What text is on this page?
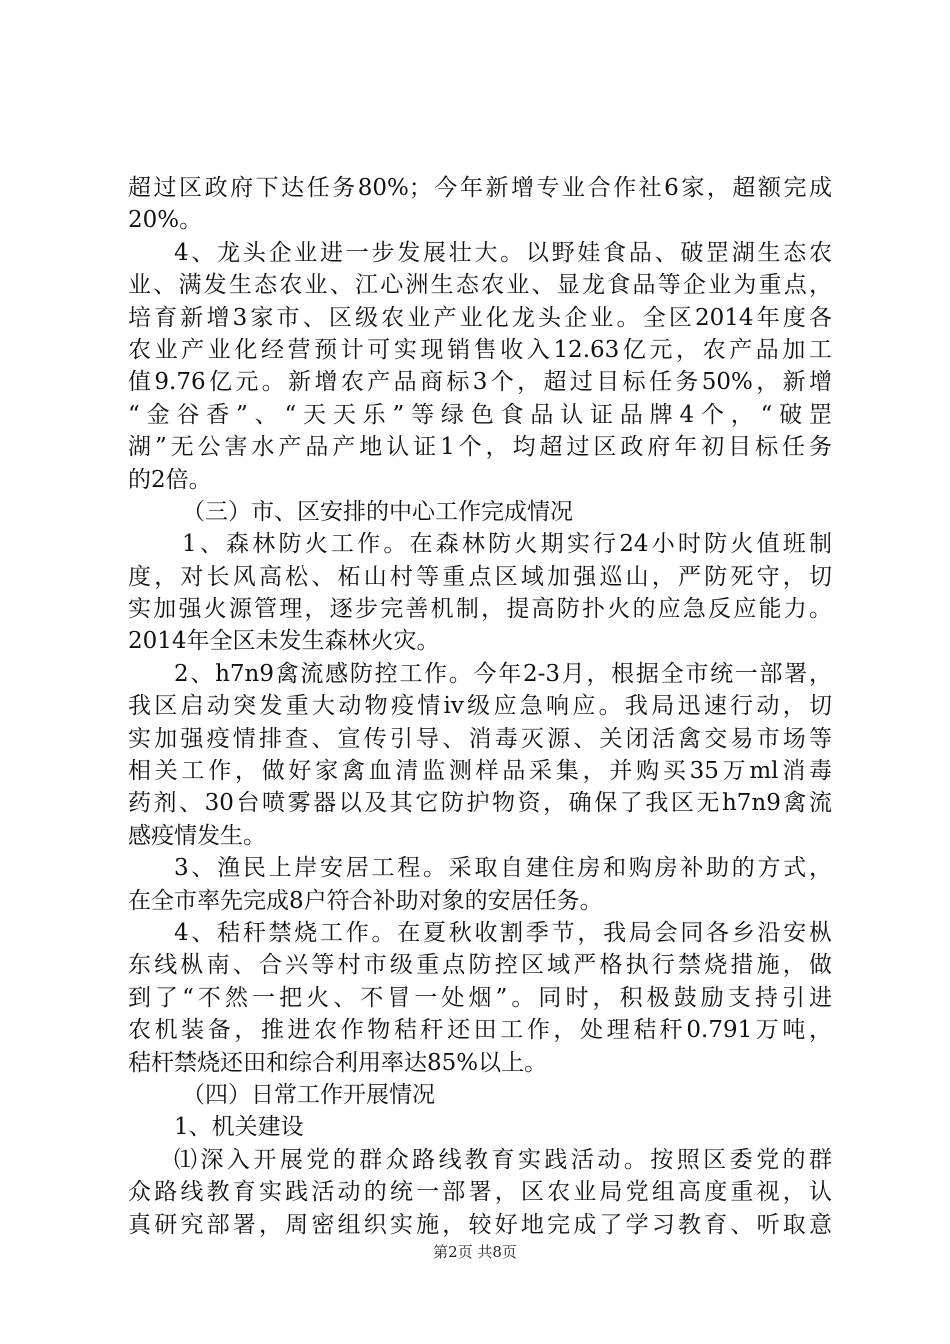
超过区政府下达任务80%；今年新增专业合作社6家，超额完成
20%。
4、龙头企业进一步发展壮大。以野娃食品、破罡湖生态农
业、满发生态农业、江心洲生态农业、显龙食品等企业为重点，
培育新增3家市、区级农业产业化龙头企业。全区2014年度各
农业产业化经营预计可实现销售收入12.63亿元，农产品加工
值9.76亿元。新增农产品商标3个，超过目标任务50%，新增
“金谷香”、“天天乐”等绿色食品认证品牌4个，“破罡
湖”无公害水产品产地认证1个，均超过区政府年初目标任务
的2倍。
（三）市、区安排的中心工作完成情况
1、森林防火工作。在森林防火期实行24小时防火值班制
度，对长风高松、柘山村等重点区域加强巡山，严防死守，切
实加强火源管理，逐步完善机制，提高防扑火的应急反应能力。
2014年全区未发生森林火灾。
2、h7n9禽流感防控工作。今年2-3月，根据全市统一部署，
我区启动突发重大动物疫情ⅳ级应急响应。我局迅速行动，切
实加强疫情排查、宣传引导、消毒灭源、关闭活禽交易市场等
相关工作，做好家禽血清监测样品采集，并购买35万ml消毒
药剂、30台喷雾器以及其它防护物资，确保了我区无h7n9禽流
感疫情发生。
3、渔民上岸安居工程。采取自建住房和购房补助的方式，
在全市率先完成8户符合补助对象的安居任务。
4、秸秆禁烧工作。在夏秋收割季节，我局会同各乡沿安枞
东线枞南、合兴等村市级重点防控区域严格执行禁烧措施，做
到了“不然一把火、不冒一处烟”。同时，积极鼓励支持引进
农机装备，推进农作物秸秆还田工作，处理秸秆0.791万吨，
秸杆禁烧还田和综合利用率达85%以上。
（四）日常工作开展情况
1、机关建设
⑴深入开展党的群众路线教育实践活动。按照区委党的群
众路线教育实践活动的统一部署，区农业局党组高度重视，认
真研究部署，周密组织实施，较好地完成了学习教育、听取意
第2页 共8页
